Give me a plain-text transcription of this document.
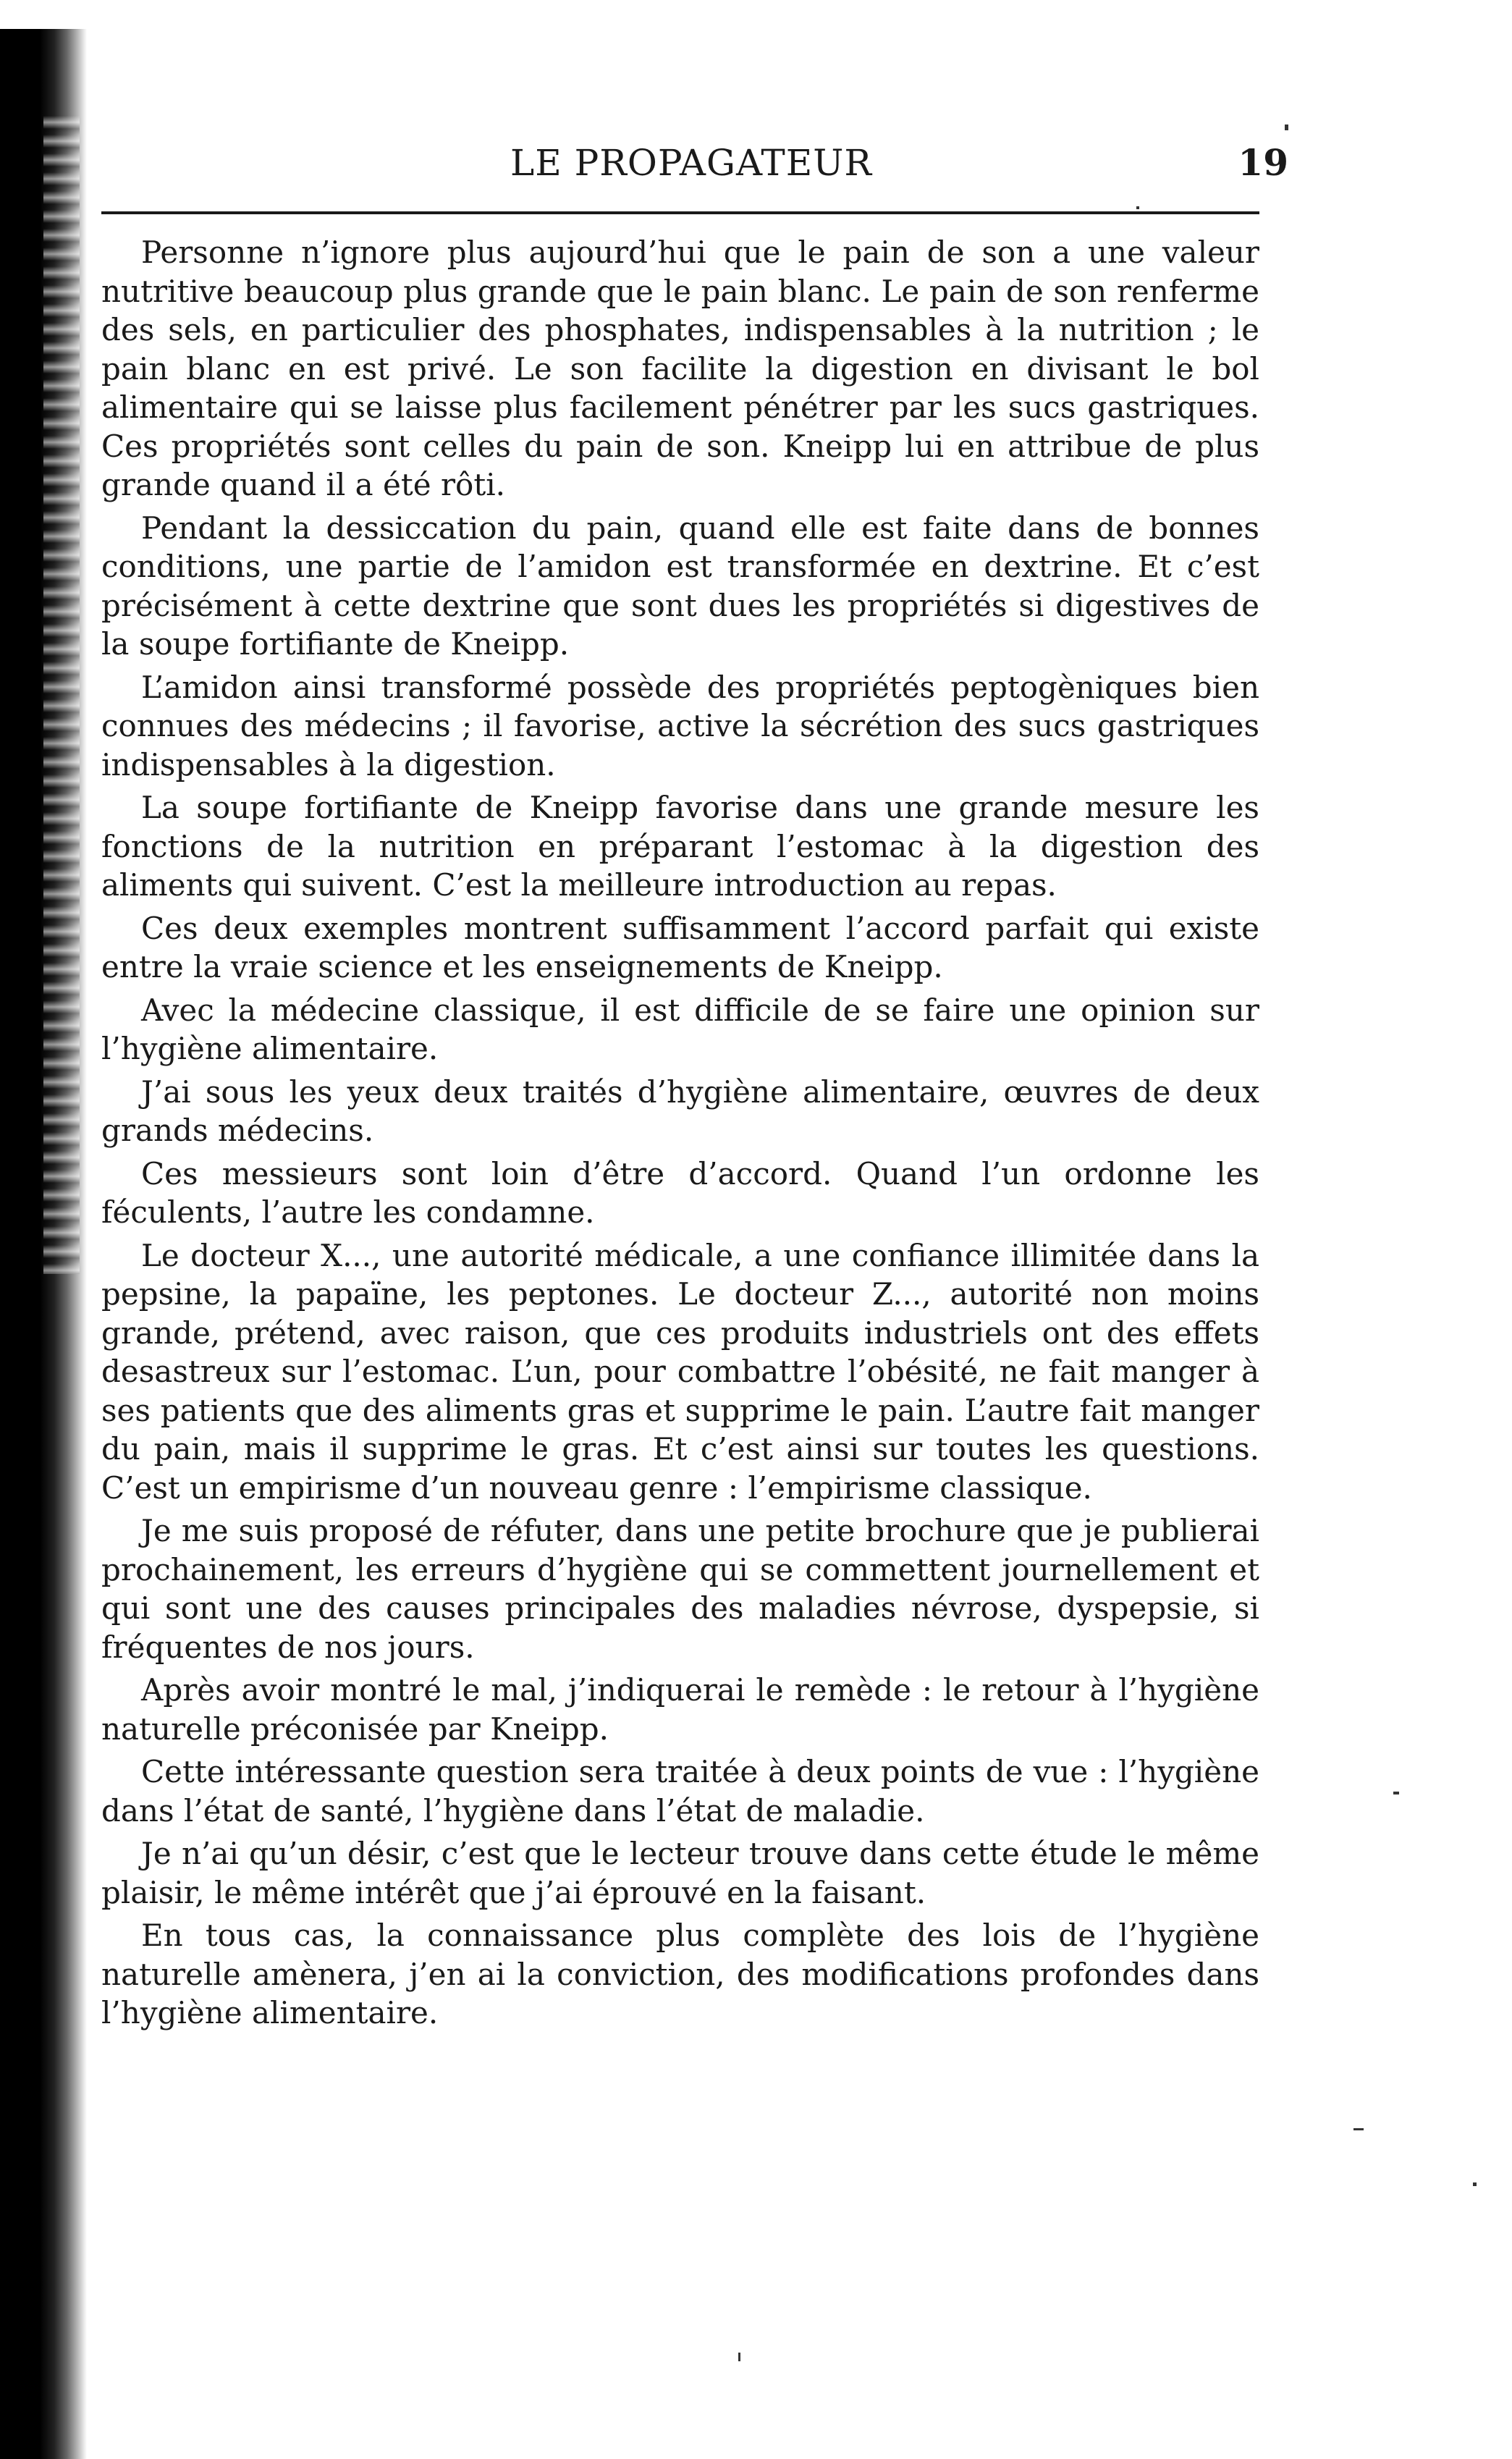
LE PROPAGATEUR	19

Personne n’ignore plus aujourd’hui que le pain de son a une valeur nutritive beaucoup plus grande que le pain blanc. Le pain de son renferme des sels, en particulier des phosphates, indispensables à la nutrition ; le pain blanc en est privé. Le son facilite la digestion en divisant le bol alimentaire qui se laisse plus facilement pénétrer par les sucs gastriques. Ces propriétés sont celles du pain de son. Kneipp lui en attribue de plus grande quand il a été rôti.

Pendant la dessiccation du pain, quand elle est faite dans de bonnes conditions, une partie de l’amidon est transformée en dextrine. Et c’est précisément à cette dextrine que sont dues les propriétés si digestives de la soupe fortifiante de Kneipp.

L’amidon ainsi transformé possède des propriétés peptogèniques bien connues des médecins ; il favorise, active la sécrétion des sucs gastriques indispensables à la digestion.

La soupe fortifiante de Kneipp favorise dans une grande mesure les fonctions de la nutrition en préparant l’estomac à la digestion des aliments qui suivent. C’est la meilleure introduction au repas.

Ces deux exemples montrent suffisamment l’accord parfait qui existe entre la vraie science et les enseignements de Kneipp.

Avec la médecine classique, il est difficile de se faire une opinion sur l’hygiène alimentaire.

J’ai sous les yeux deux traités d’hygiène alimentaire, œuvres de deux grands médecins.

Ces messieurs sont loin d’être d’accord. Quand l’un ordonne les féculents, l’autre les condamne.

Le docteur X..., une autorité médicale, a une confiance illimitée dans la pepsine, la papaïne, les peptones. Le docteur Z..., autorité non moins grande, prétend, avec raison, que ces produits industriels ont des effets desastreux sur l’estomac. L’un, pour combattre l’obésité, ne fait manger à ses patients que des aliments gras et supprime le pain. L’autre fait manger du pain, mais il supprime le gras. Et c’est ainsi sur toutes les questions. C’est un empirisme d’un nouveau genre : l’empirisme classique.

Je me suis proposé de réfuter, dans une petite brochure que je publierai prochainement, les erreurs d’hygiène qui se commettent journellement et qui sont une des causes principales des maladies névrose, dyspepsie, si fréquentes de nos jours.

Après avoir montré le mal, j’indiquerai le remède : le retour à l’hygiène naturelle préconisée par Kneipp.

Cette intéressante question sera traitée à deux points de vue : l’hygiène dans l’état de santé, l’hygiène dans l’état de maladie.

Je n’ai qu’un désir, c’est que le lecteur trouve dans cette étude le même plaisir, le même intérêt que j’ai éprouvé en la faisant.

En tous cas, la connaissance plus complète des lois de l’hygiène naturelle amènera, j’en ai la conviction, des modifications profondes dans l’hygiène alimentaire.
